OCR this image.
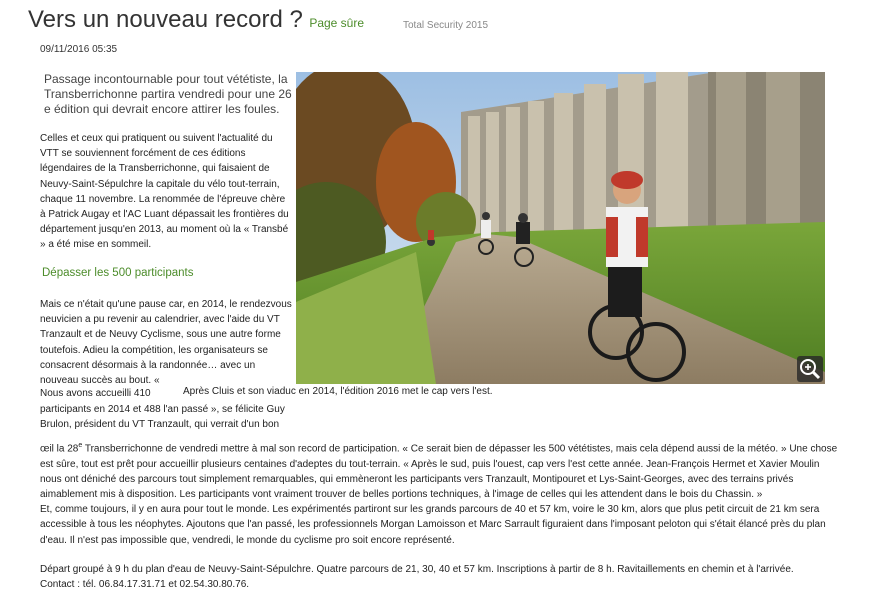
Vers un nouveau record ? Page sûre	Total Security 2015
09/11/2016 05:35
Passage incontournable pour tout vététiste, la Transberrichonne partira vendredi pour une 26 e édition qui devrait encore attirer les foules.
Celles et ceux qui pratiquent ou suivent l'actualité du VTT se souviennent forcément de ces éditions légendaires de la Transberrichonne, qui faisaient de Neuvy-Saint-Sépulchre la capitale du vélo tout-terrain, chaque 11 novembre. La renommée de l'épreuve chère à Patrick Augay et l'AC Luant dépassait les frontières du département jusqu'en 2013, au moment où la « Transbé » a été mise en sommeil.
Dépasser les 500 participants
Mais ce n'était qu'une pause car, en 2014, le rendezvous neuvicien a pu revenir au calendrier, avec l'aide du VT Tranzault et de Neuvy Cyclisme, sous une autre forme toutefois. Adieu la compétition, les organisateurs se consacrent désormais à la randonnée… avec un nouveau succès au bout. «
Nous avons accueilli 410
participants en 2014 et 488 l'an passé », se félicite Guy Brulon, président du VT Tranzault, qui verrait d'un bon
Après Cluis et son viaduc en 2014, l'édition 2016 met le cap vers l'est.

œil la 28e Transberrichonne de vendredi mettre à mal son record de participation. « Ce serait bien de dépasser les 500 vététistes, mais cela dépend aussi de la météo. » Une chose est sûre, tout est prêt pour accueillir plusieurs centaines d'adeptes du tout-terrain. « Après le sud, puis l'ouest, cap vers l'est cette année. Jean-François Hermet et Xavier Moulin nous ont déniché des parcours tout simplement remarquables, qui emmèneront les participants vers Tranzault, Montipouret et Lys-Saint-Georges, avec des terrains privés aimablement mis à disposition. Les participants vont vraiment trouver de belles portions techniques, à l'image de celles qui les attendent dans le bois du Chassin. »

Et, comme toujours, il y en aura pour tout le monde. Les expérimentés partiront sur les grands parcours de 40 et 57 km, voire le 30 km, alors que plus petit circuit de 21 km sera accessible à tous les néophytes. Ajoutons que l'an passé, les professionnels Morgan Lamoisson et Marc Sarrault figuraient dans l'imposant peloton qui s'était élancé près du plan d'eau. Il n'est pas impossible que, vendredi, le monde du cyclisme pro soit encore représenté.

Départ groupé à 9 h du plan d'eau de Neuvy-Saint-Sépulchre. Quatre parcours de 21, 30, 40 et 57 km. Inscriptions à partir de 8 h. Ravitaillements en chemin et à l'arrivée.

Contact : tél. 06.84.17.31.71 et 02.54.30.80.76.
